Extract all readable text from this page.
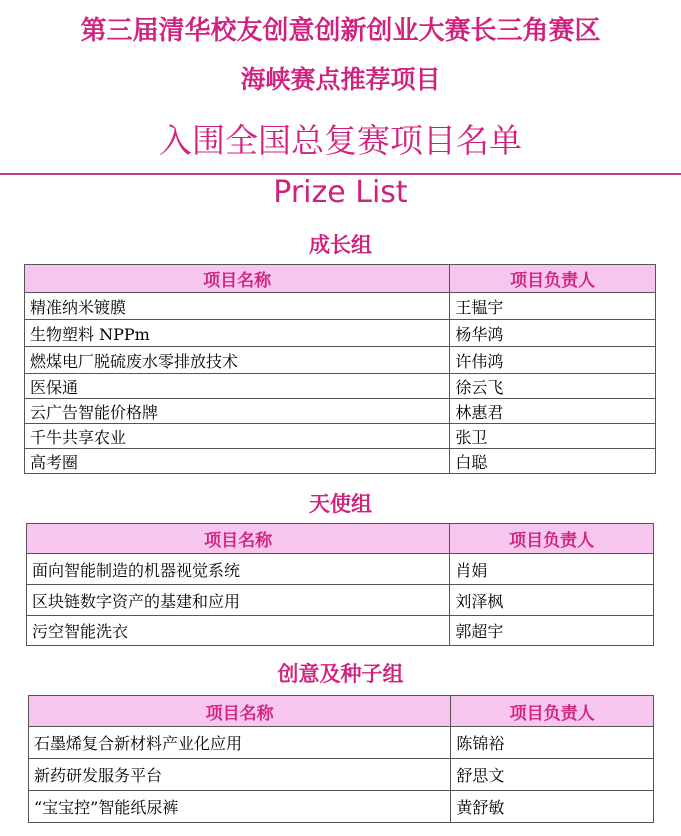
第三届清华校友创意创新创业大赛长三角赛区
海峡赛点推荐项目
入围全国总复赛项目名单
Prize List
成长组
项目名称	项目负责人
精准纳米镀膜	王韫宇
生物塑料 NPPm	杨华鸿
燃煤电厂脱硫废水零排放技术	许伟鸿
医保通	徐云飞
云广告智能价格牌	林惠君
千牛共享农业	张卫
高考圈	白聪
天使组
项目名称	项目负责人
面向智能制造的机器视觉系统	肖娟
区块链数字资产的基建和应用	刘泽枫
污空智能洗衣	郭超宇
创意及种子组
项目名称	项目负责人
石墨烯复合新材料产业化应用	陈锦裕
新药研发服务平台	舒思文
“宝宝控”智能纸尿裤	黄舒敏
